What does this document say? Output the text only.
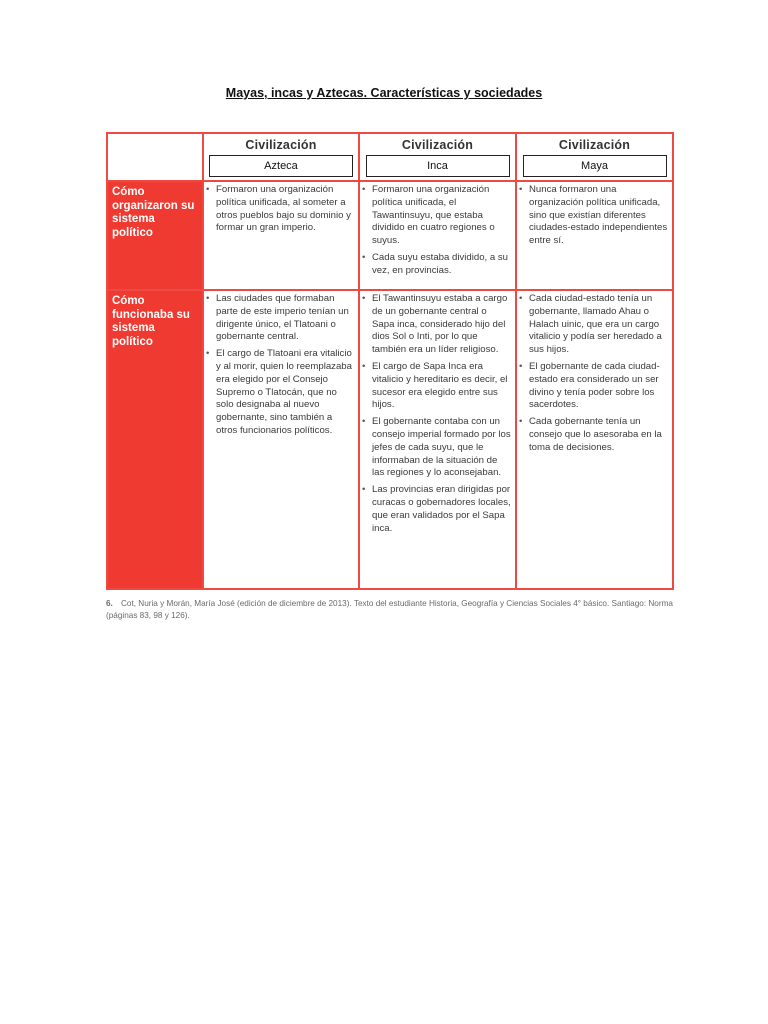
Mayas, incas y Aztecas. Características y sociedades
Civilización
Azteca
Civilización
Inca
Civilización
Maya
Cómo organizaron su sistema político
• Formaron una organización política unificada, al someter a otros pueblos bajo su dominio y formar un gran imperio.
• Formaron una organización política unificada, el Tawantinsuyu, que estaba dividido en cuatro regiones o suyus.
• Cada suyu estaba dividido, a su vez, en provincias.
• Nunca formaron una organización política unificada, sino que existían diferentes ciudades-estado independientes entre sí.
Cómo funcionaba su sistema político
• Las ciudades que formaban parte de este imperio tenían un dirigente único, el Tlatoani o gobernante central.
• El cargo de Tlatoani era vitalicio y al morir, quien lo reemplazaba era elegido por el Consejo Supremo o Tlatocán, que no solo designaba al nuevo gobernante, sino también a otros funcionarios políticos.
• El Tawantinsuyu estaba a cargo de un gobernante central o Sapa inca, considerado hijo del dios Sol o Inti, por lo que también era un líder religioso.
• El cargo de Sapa Inca era vitalicio y hereditario es decir, el sucesor era elegido entre sus hijos.
• El gobernante contaba con un consejo imperial formado por los jefes de cada suyu, que le informaban de la situación de las regiones y lo aconsejaban.
• Las provincias eran dirigidas por curacas o gobernadores locales, que eran validados por el Sapa inca.
• Cada ciudad-estado tenía un gobernante, llamado Ahau o Halach uinic, que era un cargo vitalicio y podía ser heredado a sus hijos.
• El gobernante de cada ciudad-estado era considerado un ser divino y tenía poder sobre los sacerdotes.
• Cada gobernante tenía un consejo que lo asesoraba en la toma de decisiones.
6. Cot, Nuria y Morán, María José (edición de diciembre de 2013). Texto del estudiante Historia, Geografía y Ciencias Sociales 4° básico. Santiago: Norma (páginas 83, 98 y 126).
